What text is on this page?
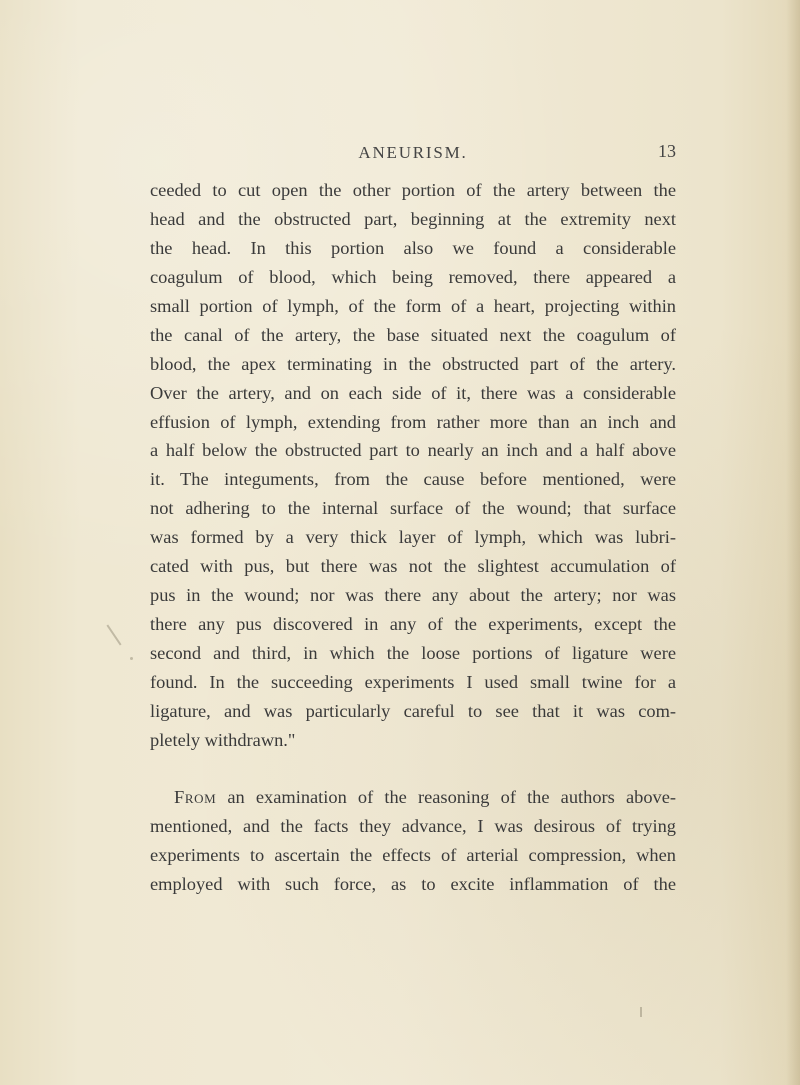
ANEURISM.	13
ceeded to cut open the other portion of the artery between the
head and the obstructed part, beginning at the extremity next
the head. In this portion also we found a considerable
coagulum of blood, which being removed, there appeared a
small portion of lymph, of the form of a heart, projecting within
the canal of the artery, the base situated next the coagulum of
blood, the apex terminating in the obstructed part of the artery.
Over the artery, and on each side of it, there was a considerable
effusion of lymph, extending from rather more than an inch and
a half below the obstructed part to nearly an inch and a half above
it. The integuments, from the cause before mentioned, were
not adhering to the internal surface of the wound; that surface
was formed by a very thick layer of lymph, which was lubri-
cated with pus, but there was not the slightest accumulation of
pus in the wound; nor was there any about the artery; nor was
there any pus discovered in any of the experiments, except the
second and third, in which the loose portions of ligature were
found. In the succeeding experiments I used small twine for a
ligature, and was particularly careful to see that it was com-
pletely withdrawn."
From an examination of the reasoning of the authors above-
mentioned, and the facts they advance, I was desirous of trying
experiments to ascertain the effects of arterial compression, when
employed with such force, as to excite inflammation of the
